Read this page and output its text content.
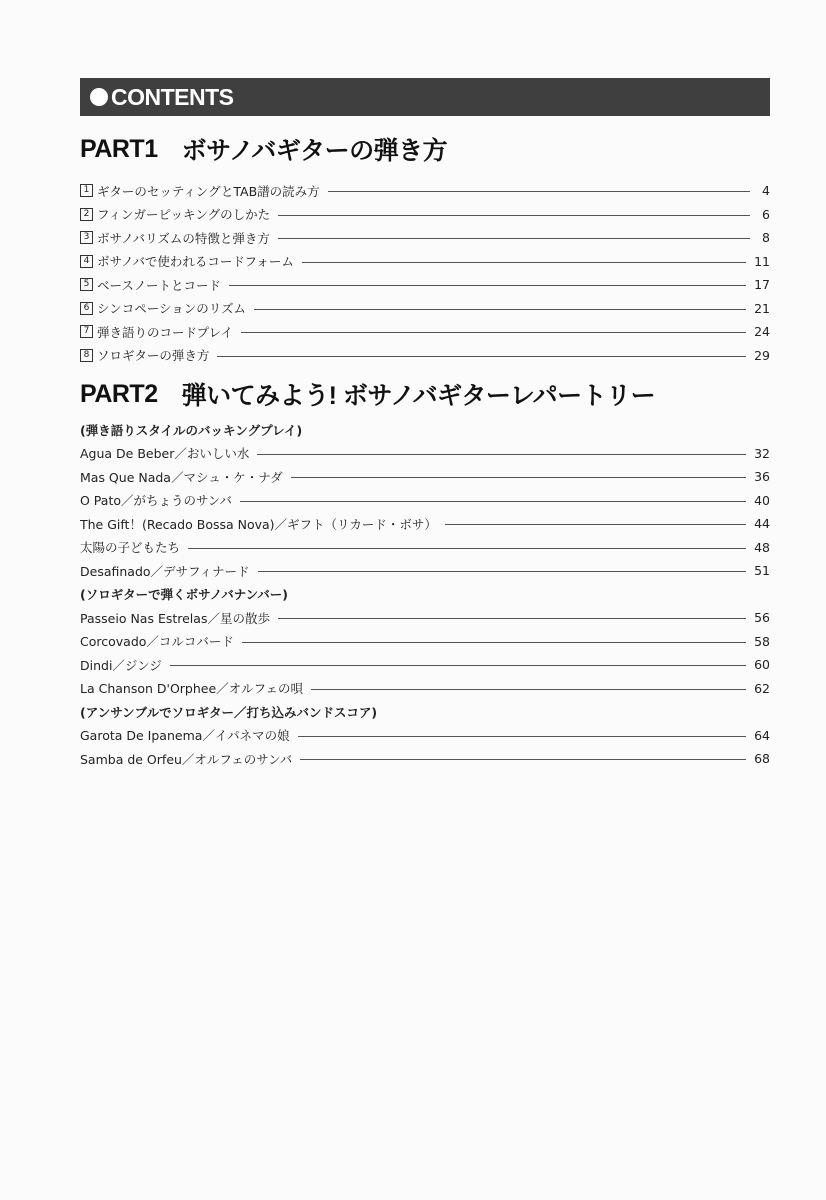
CONTENTS
PART1 ボサノバギターの弾き方
1 ギターのセッティングとTAB譜の読み方	4
2 フィンガーピッキングのしかた	6
3 ボサノバリズムの特徴と弾き方	8
4 ボサノバで使われるコードフォーム	11
5 ベースノートとコード	17
6 シンコペーションのリズム	21
7 弾き語りのコードプレイ	24
8 ソロギターの弾き方	29
PART2 弾いてみよう! ボサノバギターレパートリー
(弾き語りスタイルのバッキングプレイ)
Agua De Beber／おいしい水	32
Mas Que Nada／マシュ・ケ・ナダ	36
O Pato／がちょうのサンバ	40
The Gift！(Recado Bossa Nova)／ギフト（リカード・ボサ）	44
太陽の子どもたち	48
Desafinado／デサフィナード	51
(ソロギターで弾くボサノバナンバー)
Passeio Nas Estrelas／星の散歩	56
Corcovado／コルコバード	58
Dindi／ジンジ	60
La Chanson D'Orphee／オルフェの唄	62
(アンサンブルでソロギター／打ち込みバンドスコア)
Garota De Ipanema／イパネマの娘	64
Samba de Orfeu／オルフェのサンバ	68
